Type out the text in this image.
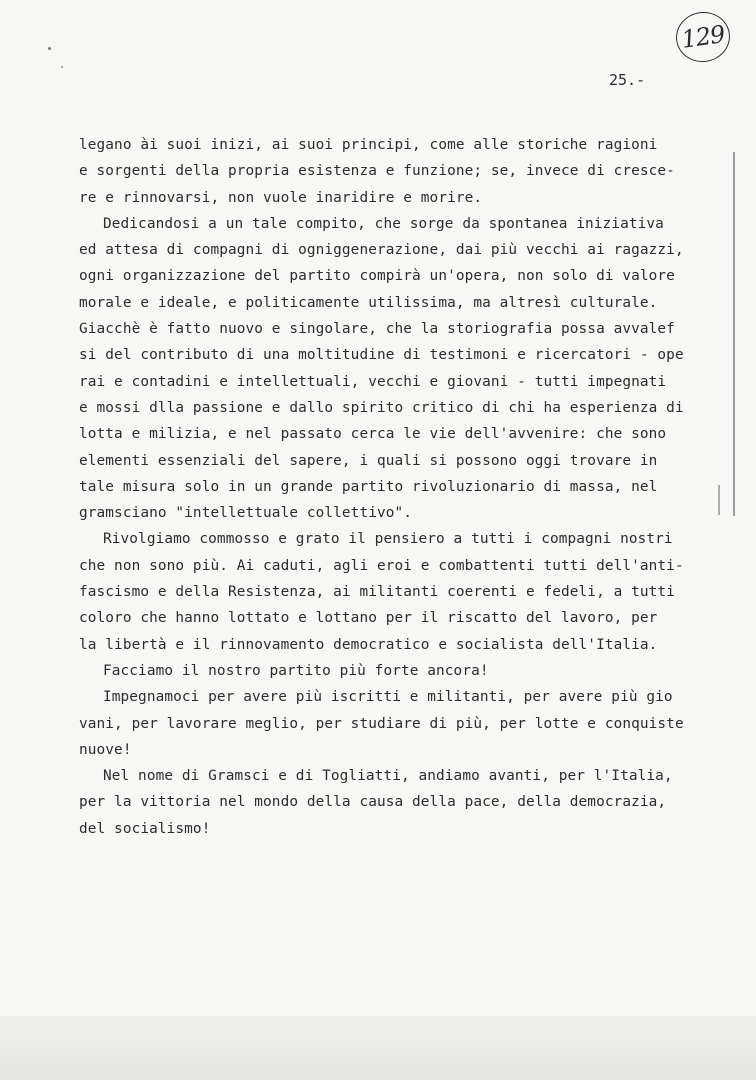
129
25.-
legano ài suoi inizi, ai suoi principi, come alle storiche ragioni
e sorgenti della propria esistenza e funzione; se, invece di cresce-
re e rinnovarsi, non vuole inaridire e morire.
Dedicandosi a un tale compito, che sorge da spontanea iniziativa
ed attesa di compagni di ogniggenerazione, dai più vecchi ai ragazzi,
ogni organizzazione del partito compirà un'opera, non solo di valore
morale e ideale, e politicamente utilissima, ma altresì culturale.
Giacchè è fatto nuovo e singolare, che la storiografia possa avvalef
si del contributo di una moltitudine di testimoni e ricercatori - ope
rai e contadini e intellettuali, vecchi e giovani - tutti impegnati
e mossi dlla passione e dallo spirito critico di chi ha esperienza di
lotta e milizia, e nel passato cerca le vie dell'avvenire: che sono
elementi essenziali del sapere, i quali si possono oggi trovare in
tale misura solo in un grande partito rivoluzionario di massa, nel
gramsciano "intellettuale collettivo".
Rivolgiamo commosso e grato il pensiero a tutti i compagni nostri
che non sono più. Ai caduti, agli eroi e combattenti tutti dell'anti-
fascismo e della Resistenza, ai militanti coerenti e fedeli, a tutti
coloro che hanno lottato e lottano per il riscatto del lavoro, per
la libertà e il rinnovamento democratico e socialista dell'Italia.
Facciamo il nostro partito più forte ancora!
Impegnamoci per avere più iscritti e militanti, per avere più gio
vani, per lavorare meglio, per studiare di più, per lotte e conquiste
nuove!
Nel nome di Gramsci e di Togliatti, andiamo avanti, per l'Italia,
per la vittoria nel mondo della causa della pace, della democrazia,
del socialismo!
